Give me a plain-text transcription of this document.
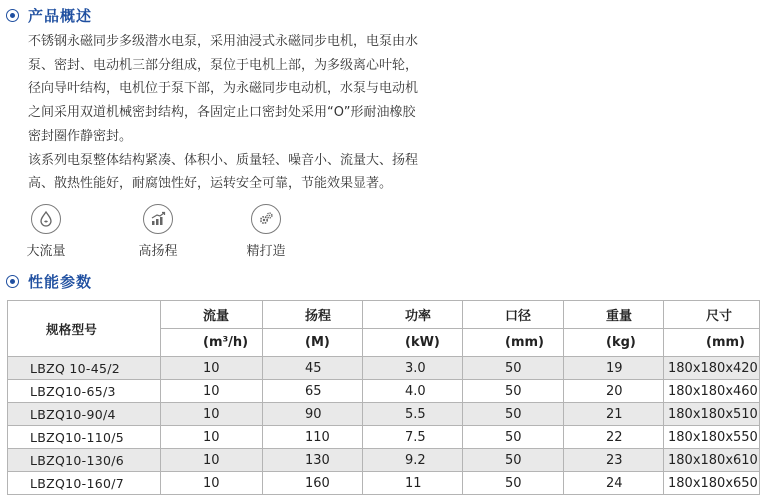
产品概述

不锈钢永磁同步多级潜水电泵，采用油浸式永磁同步电机，电泵由水泵、密封、电动机三部分组成，泵位于电机上部，为多级离心叶轮，径向导叶结构，电机位于泵下部，为永磁同步电动机，水泵与电动机之间采用双道机械密封结构，各固定止口密封处采用“O”形耐油橡胶密封圈作静密封。

该系列电泵整体结构紧凑、体积小、质量轻、噪音小、流量大、扬程高、散热性能好，耐腐蚀性好，运转安全可靠，节能效果显著。

大流量	高扬程	精打造
性能参数
规格型号	流量	扬程	功率	口径	重量	尺寸
	(m³/h)	(M)	(kW)	(mm)	(kg)	(mm)
LBZQ 10-45/2	10	45	3.0	50	19	180x180x420
LBZQ10-65/3	10	65	4.0	50	20	180x180x460
LBZQ10-90/4	10	90	5.5	50	21	180x180x510
LBZQ10-110/5	10	110	7.5	50	22	180x180x550
LBZQ10-130/6	10	130	9.2	50	23	180x180x610
LBZQ10-160/7	10	160	11	50	24	180x180x650
